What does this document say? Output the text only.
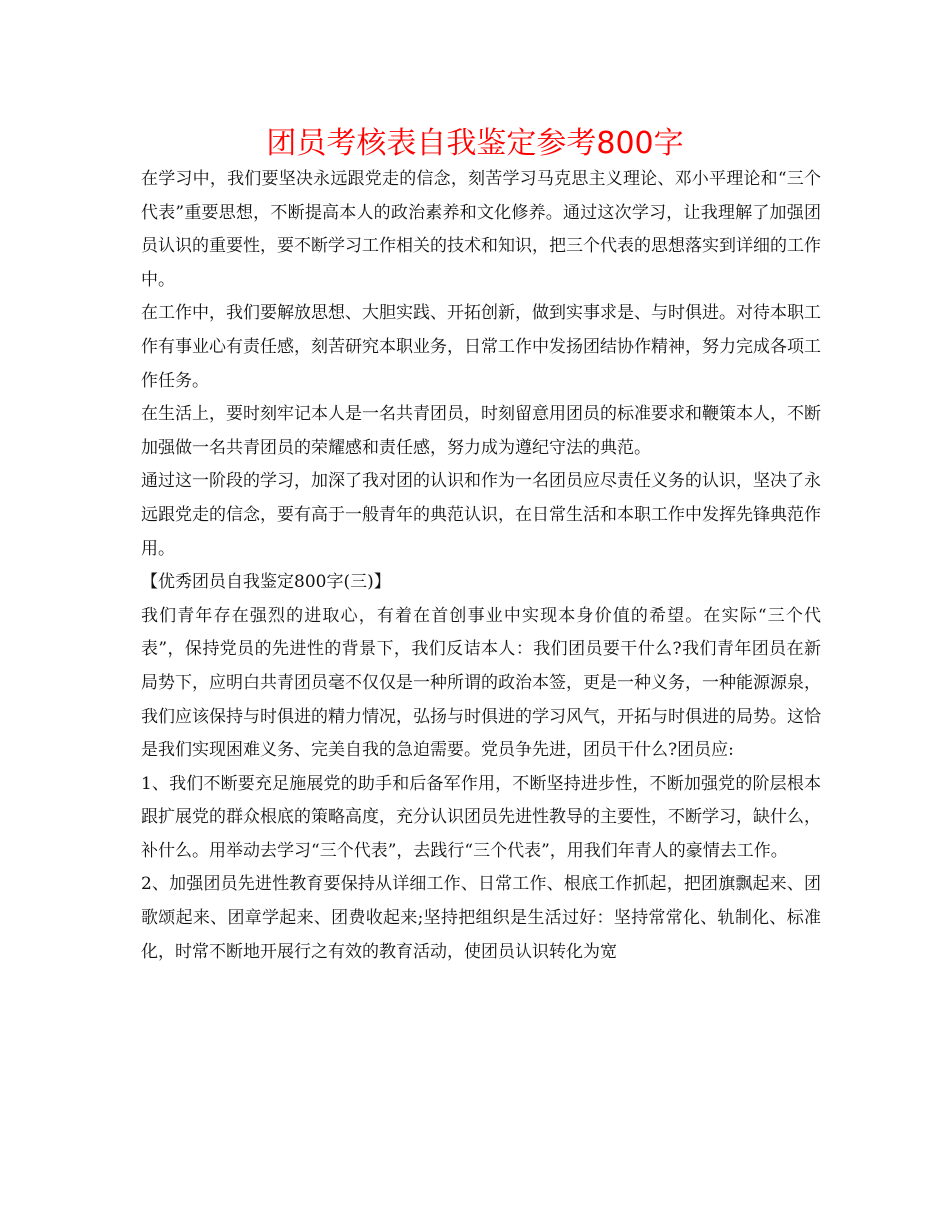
团员考核表自我鉴定参考800字

在学习中，我们要坚决永远跟党走的信念，刻苦学习马克思主义理论、邓小平理论和“三个代表”重要思想，不断提高本人的政治素养和文化修养。通过这次学习，让我理解了加强团员认识的重要性，要不断学习工作相关的技术和知识，把三个代表的思想落实到详细的工作中。

在工作中，我们要解放思想、大胆实践、开拓创新，做到实事求是、与时俱进。对待本职工作有事业心有责任感，刻苦研究本职业务，日常工作中发扬团结协作精神，努力完成各项工作任务。

在生活上，要时刻牢记本人是一名共青团员，时刻留意用团员的标准要求和鞭策本人，不断加强做一名共青团员的荣耀感和责任感，努力成为遵纪守法的典范。

通过这一阶段的学习，加深了我对团的认识和作为一名团员应尽责任义务的认识，坚决了永远跟党走的信念，要有高于一般青年的典范认识，在日常生活和本职工作中发挥先锋典范作用。

【优秀团员自我鉴定800字(三)】

我们青年存在强烈的进取心，有着在首创事业中实现本身价值的希望。在实际“三个代表”，保持党员的先进性的背景下，我们反诘本人：我们团员要干什么?我们青年团员在新局势下，应明白共青团员毫不仅仅是一种所谓的政治本签，更是一种义务，一种能源源泉，我们应该保持与时俱进的精力情况，弘扬与时俱进的学习风气，开拓与时俱进的局势。这恰是我们实现困难义务、完美自我的急迫需要。党员争先进，团员干什么?团员应:

1、我们不断要充足施展党的助手和后备军作用，不断坚持进步性，不断加强党的阶层根本跟扩展党的群众根底的策略高度，充分认识团员先进性教导的主要性，不断学习，缺什么，补什么。用举动去学习“三个代表”，去践行“三个代表”，用我们年青人的豪情去工作。

2、加强团员先进性教育要保持从详细工作、日常工作、根底工作抓起，把团旗飘起来、团歌颂起来、团章学起来、团费收起来;坚持把组织是生活过好：坚持常常化、轨制化、标准化，时常不断地开展行之有效的教育活动，使团员认识转化为宽
